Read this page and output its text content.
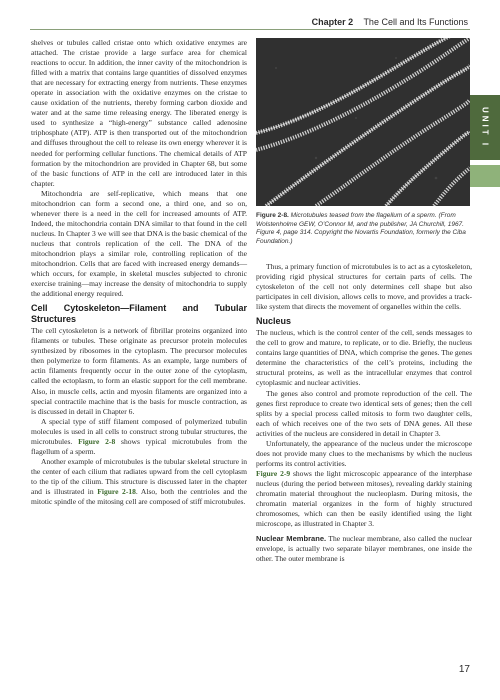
Chapter 2 The Cell and Its Functions
UNIT I

shelves or tubules called cristae onto which oxidative enzymes are attached. The cristae provide a large surface area for chemical reactions to occur. In addition, the inner cavity of the mitochondrion is filled with a matrix that contains large quantities of dissolved enzymes that are necessary for extracting energy from nutrients. These enzymes operate in association with the oxidative enzymes on the cristae to cause oxidation of the nutrients, thereby forming carbon dioxide and water and at the same time releasing energy. The liberated energy is used to synthesize a “high-energy” substance called adenosine triphosphate (ATP). ATP is then transported out of the mitochondrion and diffuses throughout the cell to release its own energy wherever it is needed for performing cellular functions. The chemical details of ATP formation by the mitochondrion are provided in Chapter 68, but some of the basic functions of ATP in the cell are introduced later in this chapter.

Mitochondria are self-replicative, which means that one mitochondrion can form a second one, a third one, and so on, whenever there is a need in the cell for increased amounts of ATP. Indeed, the mitochondria contain DNA similar to that found in the cell nucleus. In Chapter 3 we will see that DNA is the basic chemical of the nucleus that controls replication of the cell. The DNA of the mitochondrion plays a similar role, controlling replication of the mitochondrion. Cells that are faced with increased energy demands—which occurs, for example, in skeletal muscles subjected to chronic exercise training—may increase the density of mitochondria to supply the additional energy required.

Cell Cytoskeleton—Filament and Tubular Structures

The cell cytoskeleton is a network of fibrillar proteins organized into filaments or tubules. These originate as precursor protein molecules synthesized by ribosomes in the cytoplasm. The precursor molecules then polymerize to form filaments. As an example, large numbers of actin filaments frequently occur in the outer zone of the cytoplasm, called the ectoplasm, to form an elastic support for the cell membrane. Also, in muscle cells, actin and myosin filaments are organized into a special contractile machine that is the basis for muscle contraction, as is discussed in detail in Chapter 6.

A special type of stiff filament composed of polymerized tubulin molecules is used in all cells to construct strong tubular structures, the microtubules. Figure 2-8 shows typical microtubules from the flagellum of a sperm.

Another example of microtubules is the tubular skeletal structure in the center of each cilium that radiates upward from the cell cytoplasm to the tip of the cilium. This structure is discussed later in the chapter and is illustrated in Figure 2-18. Also, both the centrioles and the mitotic spindle of the mitosing cell are composed of stiff microtubules.

Figure 2-8. Microtubules teased from the flagellum of a sperm. (From Wolstenholme GEW, O’Connor M, and the publisher, JA Churchill, 1967. Figure 4, page 314. Copyright the Novartis Foundation, formerly the Ciba Foundation.)

Thus, a primary function of microtubules is to act as a cytoskeleton, providing rigid physical structures for certain parts of cells. The cytoskeleton of the cell not only determines cell shape but also participates in cell division, allows cells to move, and provides a track-like system that directs the movement of organelles within the cells.

Nucleus

The nucleus, which is the control center of the cell, sends messages to the cell to grow and mature, to replicate, or to die. Briefly, the nucleus contains large quantities of DNA, which comprise the genes. The genes determine the characteristics of the cell’s proteins, including the structural proteins, as well as the intracellular enzymes that control cytoplasmic and nuclear activities.

The genes also control and promote reproduction of the cell. The genes first reproduce to create two identical sets of genes; then the cell splits by a special process called mitosis to form two daughter cells, each of which receives one of the two sets of DNA genes. All these activities of the nucleus are considered in detail in Chapter 3.

Unfortunately, the appearance of the nucleus under the microscope does not provide many clues to the mechanisms by which the nucleus performs its control activities.

Figure 2-9 shows the light microscopic appearance of the interphase nucleus (during the period between mitoses), revealing darkly staining chromatin material throughout the nucleoplasm. During mitosis, the chromatin material organizes in the form of highly structured chromosomes, which can then be easily identified using the light microscope, as illustrated in Chapter 3.

Nuclear Membrane. The nuclear membrane, also called the nuclear envelope, is actually two separate bilayer membranes, one inside the other. The outer membrane is

17
